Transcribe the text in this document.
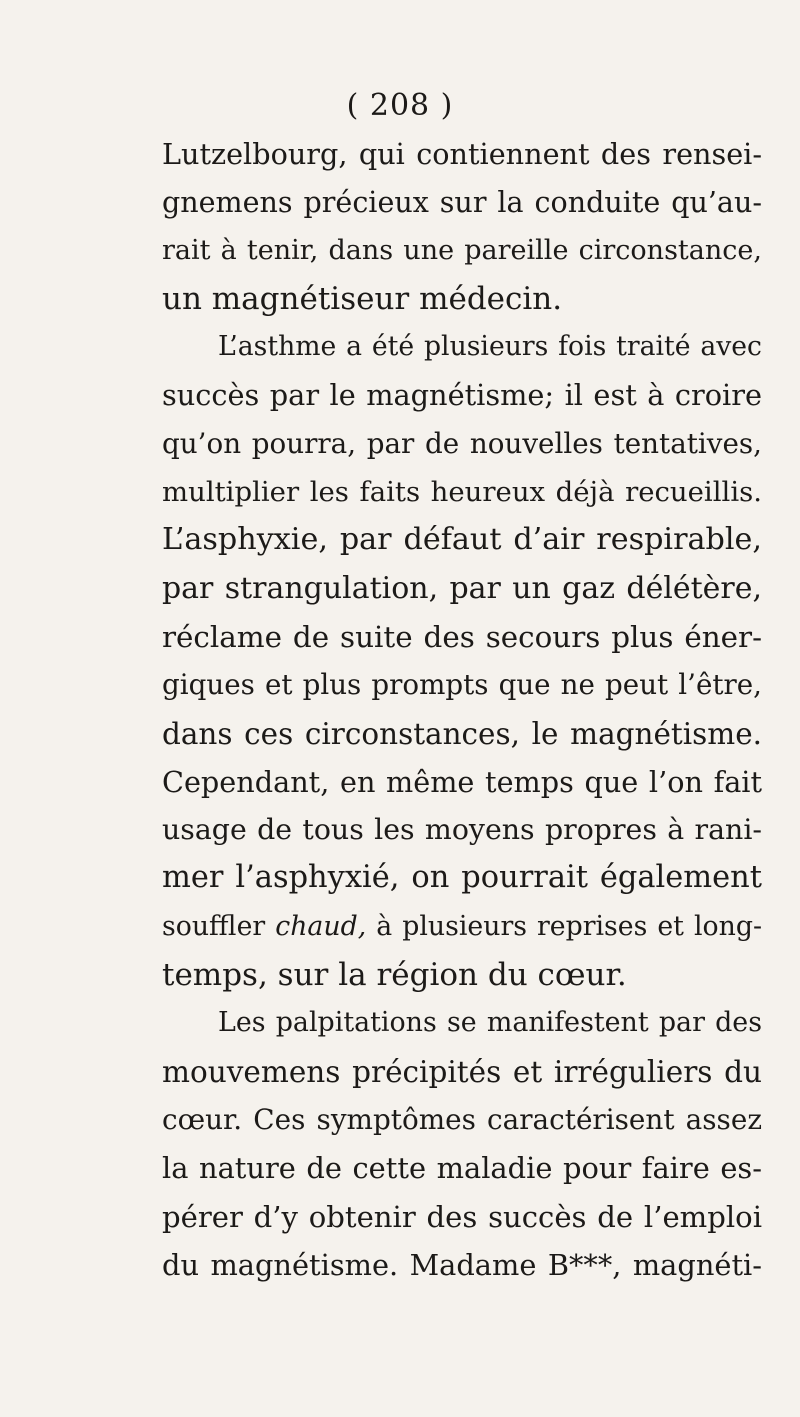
( 208 )
Lutzelbourg, qui contiennent des rensei-
gnemens précieux sur la conduite qu’au-
rait à tenir, dans une pareille circonstance,
un magnétiseur médecin.
L’asthme a été plusieurs fois traité avec
succès par le magnétisme; il est à croire
qu’on pourra, par de nouvelles tentatives,
multiplier les faits heureux déjà recueillis.
L’asphyxie, par défaut d’air respirable,
par strangulation, par un gaz délétère,
réclame de suite des secours plus éner-
giques et plus prompts que ne peut l’être,
dans ces circonstances, le magnétisme.
Cependant, en même temps que l’on fait
usage de tous les moyens propres à rani-
mer l’asphyxié, on pourrait également
souffler chaud, à plusieurs reprises et long-
temps, sur la région du cœur.
Les palpitations se manifestent par des
mouvemens précipités et irréguliers du
cœur. Ces symptômes caractérisent assez
la nature de cette maladie pour faire es-
pérer d’y obtenir des succès de l’emploi
du magnétisme. Madame B***, magnéti-
